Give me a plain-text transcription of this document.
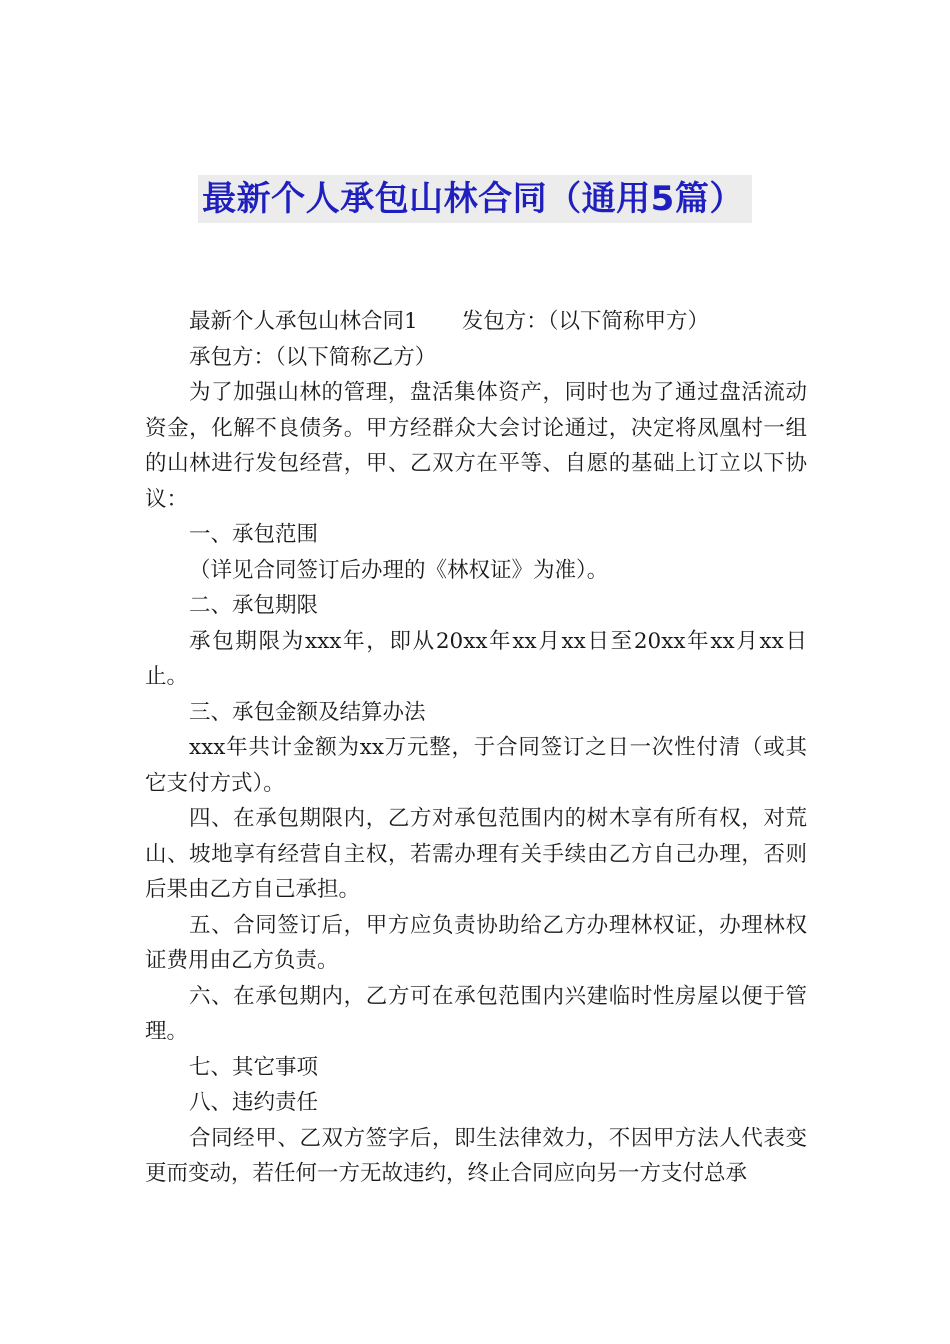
最新个人承包山林合同（通用5篇）

最新个人承包山林合同1 发包方：（以下简称甲方）

承包方：（以下简称乙方）

为了加强山林的管理，盘活集体资产，同时也为了通过盘活流动资金，化解不良债务。甲方经群众大会讨论通过，决定将凤凰村一组的山林进行发包经营，甲、乙双方在平等、自愿的基础上订立以下协议：

一、承包范围

（详见合同签订后办理的《林权证》为准）。

二、承包期限

承包期限为xxx年，即从20xx年xx月xx日至20xx年xx月xx日止。

三、承包金额及结算办法

xxx年共计金额为xx万元整，于合同签订之日一次性付清（或其它支付方式）。

四、在承包期限内，乙方对承包范围内的树木享有所有权，对荒山、坡地享有经营自主权，若需办理有关手续由乙方自己办理，否则后果由乙方自己承担。

五、合同签订后，甲方应负责协助给乙方办理林权证，办理林权证费用由乙方负责。

六、在承包期内，乙方可在承包范围内兴建临时性房屋以便于管理。

七、其它事项

八、违约责任

合同经甲、乙双方签字后，即生法律效力，不因甲方法人代表变更而变动，若任何一方无故违约，终止合同应向另一方支付总承
